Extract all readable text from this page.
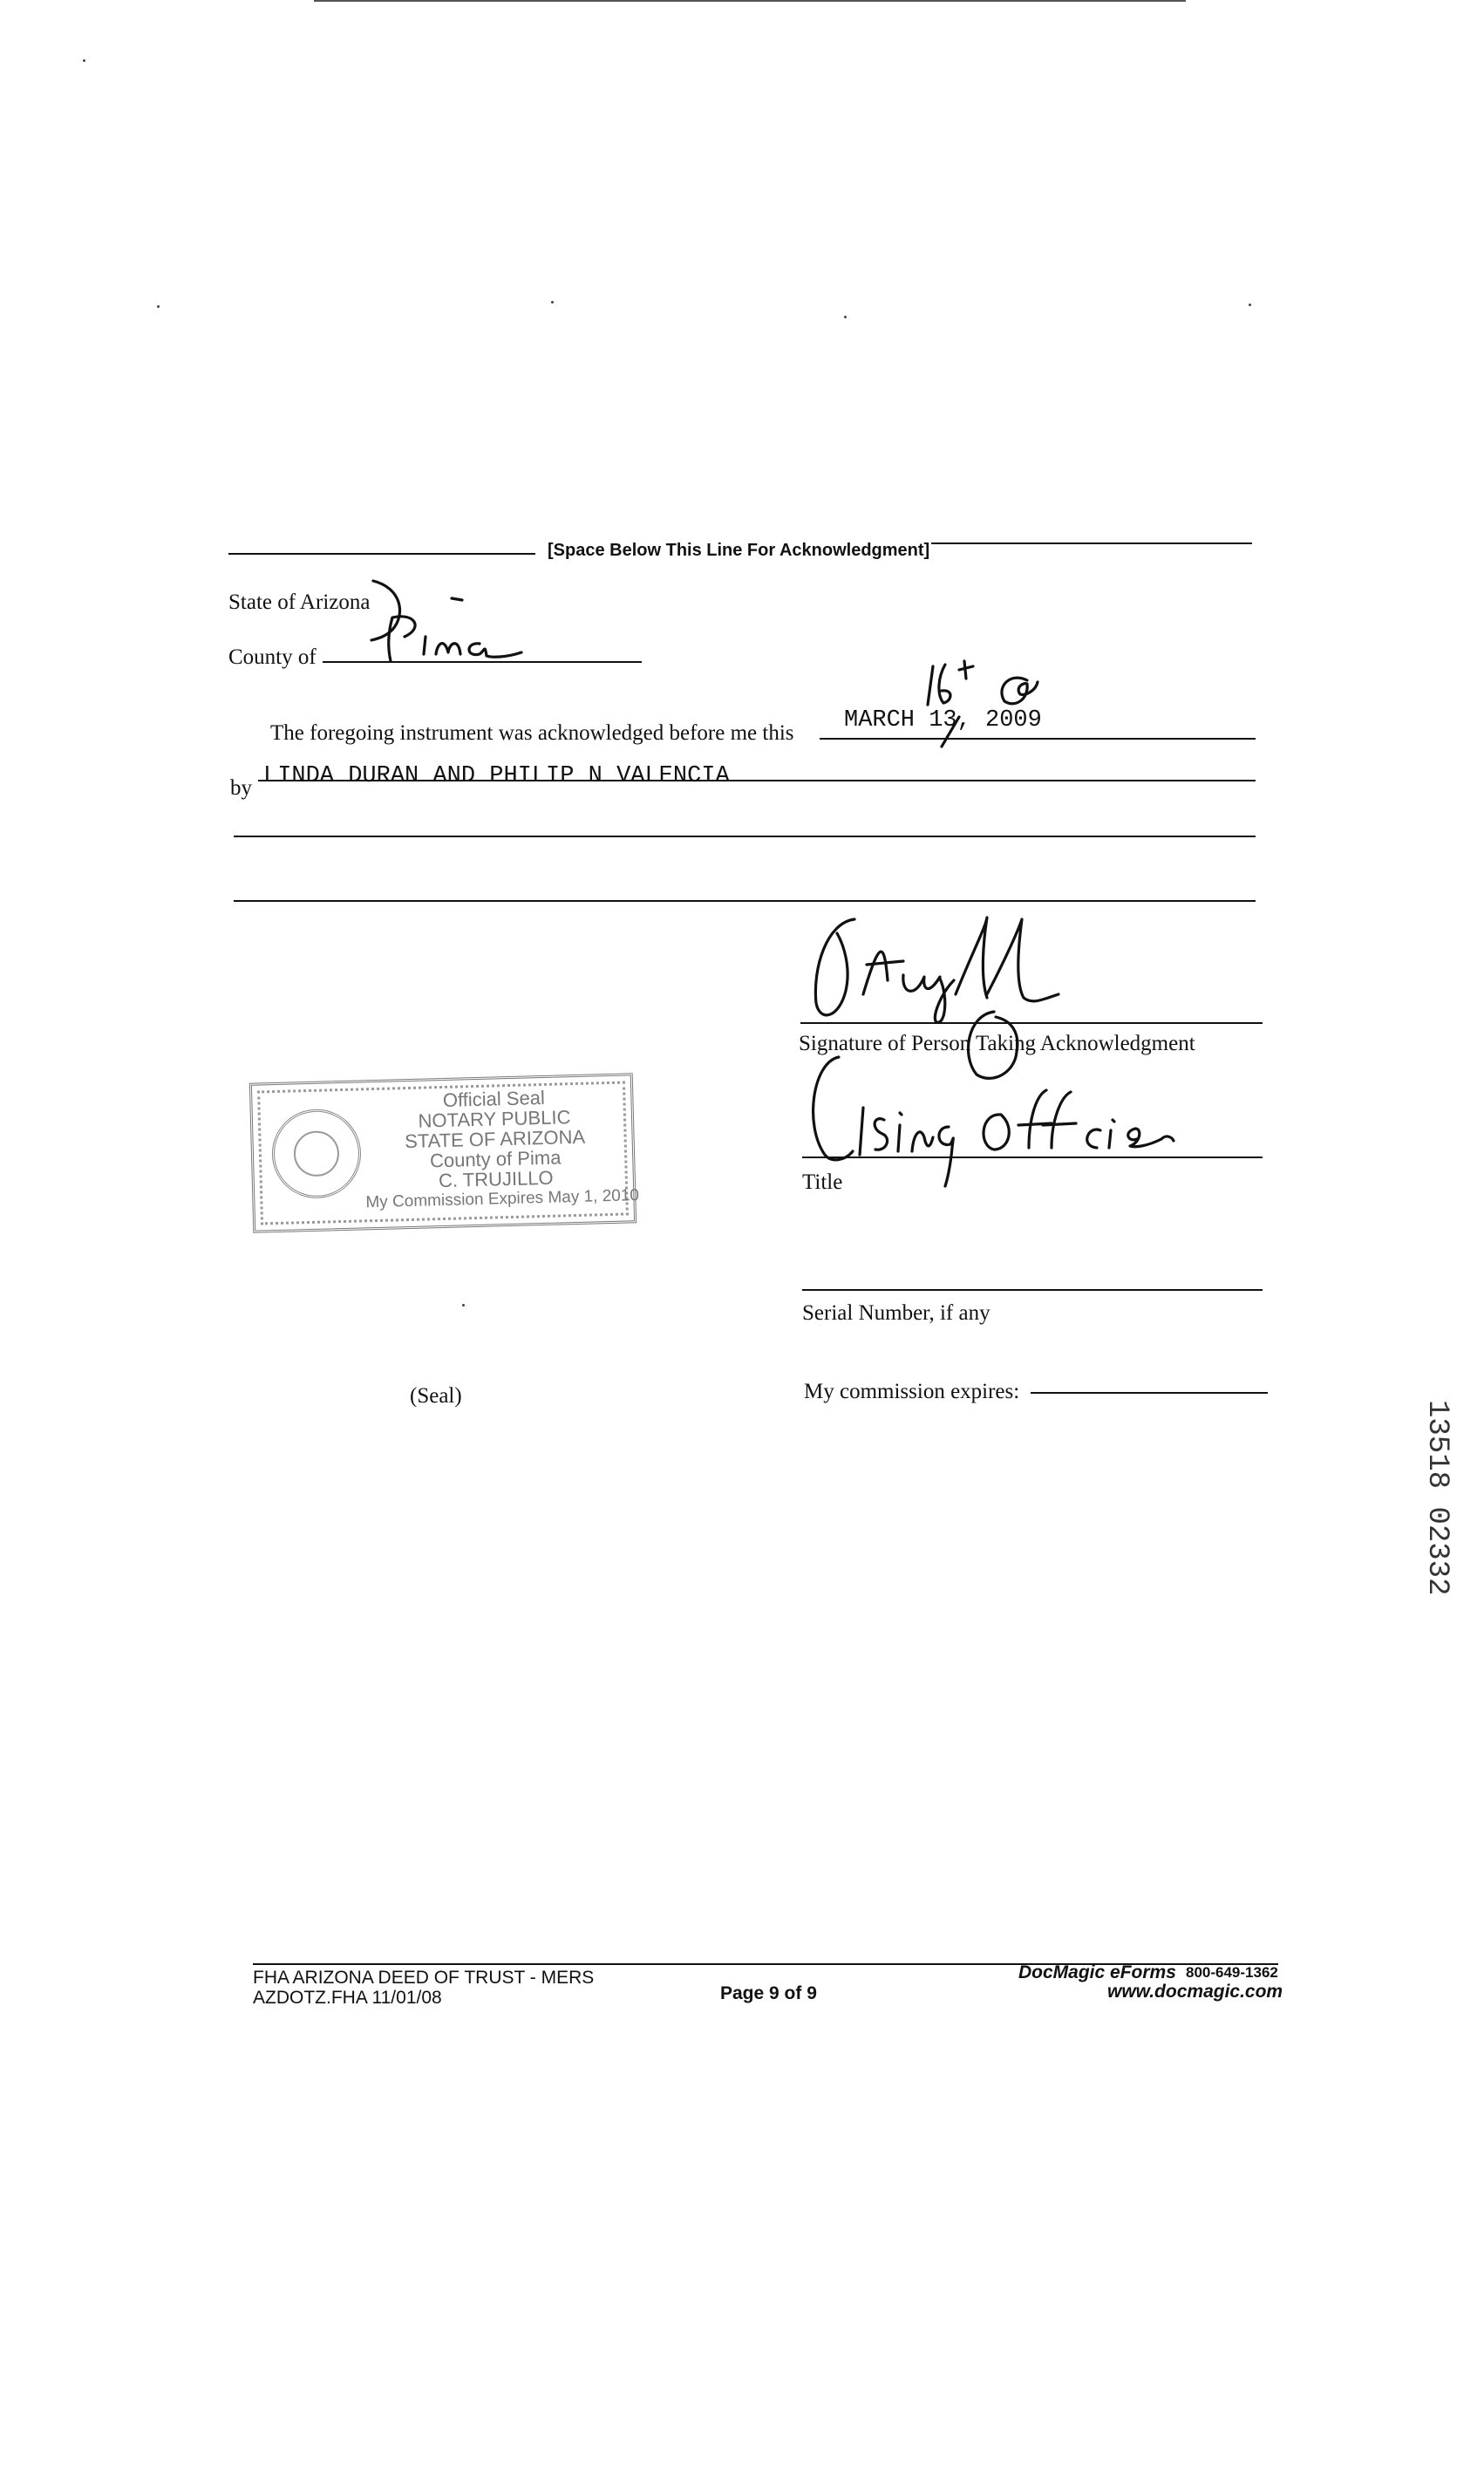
[Space Below This Line For Acknowledgment]
State of Arizona
County of
The foregoing instrument was acknowledged before me this MARCH 13, 2009
by LINDA DURAN AND PHILIP N VALENCIA
Signature of Person Taking Acknowledgment
Title
Serial Number, if any
Official Seal
NOTARY PUBLIC
STATE OF ARIZONA
County of Pima
C. TRUJILLO
My Commission Expires May 1, 2010
(Seal)	My commission expires:
13518 02332
FHA ARIZONA DEED OF TRUST - MERS
AZDOTZ.FHA 11/01/08	Page 9 of 9
DocMagic eForms 800-649-1362
www.docmagic.com
